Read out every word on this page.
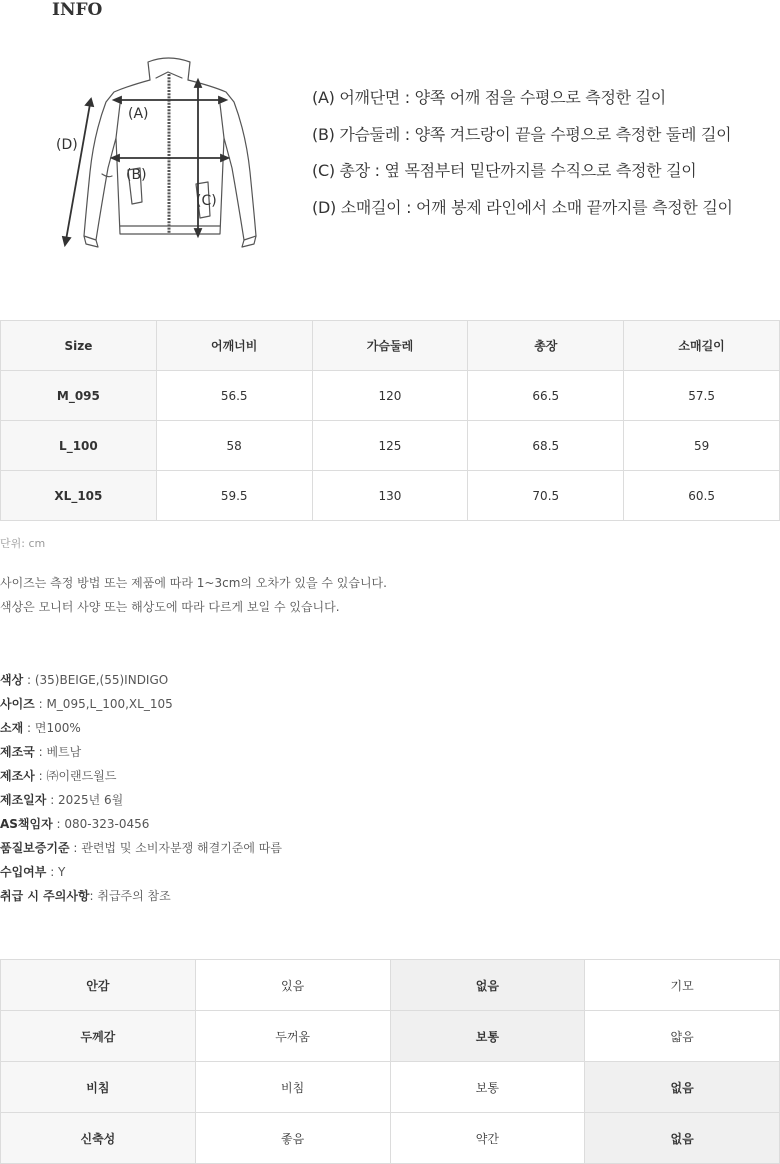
INFO
(A)
(B)
(C)
(D)
(A) 어깨단면 : 양쪽 어깨 점을 수평으로 측정한 길이
(B) 가슴둘레 : 양쪽 겨드랑이 끝을 수평으로 측정한 둘레 길이
(C) 총장 : 옆 목점부터 밑단까지를 수직으로 측정한 길이
(D) 소매길이 : 어깨 봉제 라인에서 소매 끝까지를 측정한 길이
Size	어깨너비	가슴둘레	총장	소매길이
M_095	56.5	120	66.5	57.5
L_100	58	125	68.5	59
XL_105	59.5	130	70.5	60.5
단위: cm
사이즈는 측정 방법 또는 제품에 따라 1~3cm의 오차가 있을 수 있습니다.
색상은 모니터 사양 또는 해상도에 따라 다르게 보일 수 있습니다.
색상 : (35)BEIGE,(55)INDIGO
사이즈 : M_095,L_100,XL_105
소재 : 면100%
제조국 : 베트남
제조사 : ㈜이랜드월드
제조일자 : 2025년 6월
AS책임자 : 080-323-0456
품질보증기준 : 관련법 및 소비자분쟁 해결기준에 따름
수입여부 : Y
취급 시 주의사항: 취급주의 참조
안감	있음	없음	기모
두께감	두꺼움	보통	얇음
비침	비침	보통	없음
신축성	좋음	약간	없음
